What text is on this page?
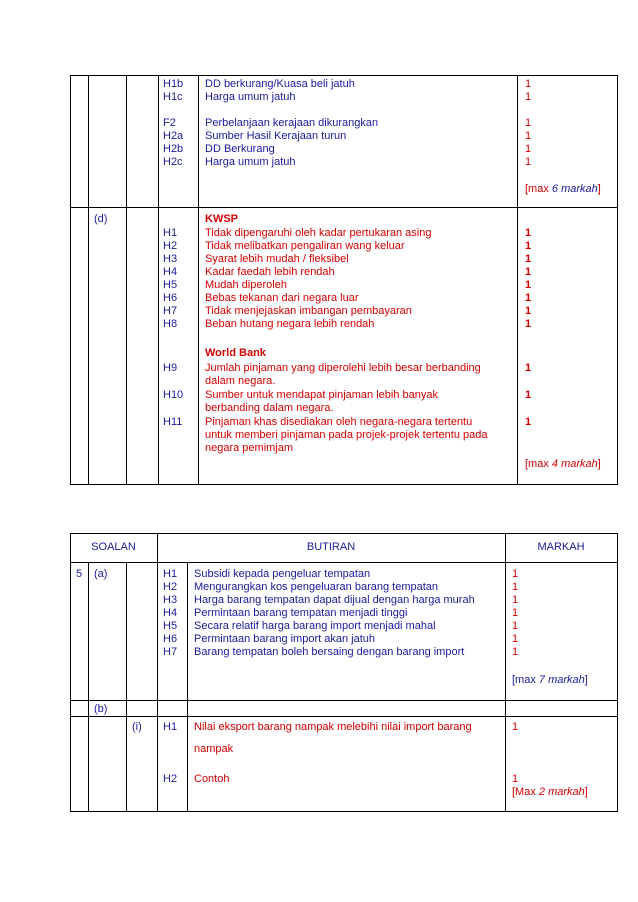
H1b DD berkurang/Kuasa beli jatuh	1
H1c Harga umum jatuh	1
F2	Perbelanjaan kerajaan dikurangkan	1
H2a Sumber Hasil Kerajaan turun	1
H2b DD Berkurang	1
H2c Harga umum jatuh	1
[max 6 markah]
(d)	KWSP
H1	Tidak dipengaruhi oleh kadar pertukaran asing	1
H2	Tidak melibatkan pengaliran wang keluar	1
H3	Syarat lebih mudah / fleksibel	1
H4	Kadar faedah lebih rendah	1
H5	Mudah diperoleh	1
H6	Bebas tekanan dari negara luar	1
H7	Tidak menjejaskan imbangan pembayaran	1
H8	Beban hutang negara lebih rendah	1
World Bank
H9	Jumlah pinjaman yang diperolehi lebih besar berbanding
dalam negara.
1
H10 Sumber untuk mendapat pinjaman lebih banyak
berbanding dalam negara.
1
H11 Pinjaman khas disediakan oleh negara-negara tertentu
untuk memberi pinjaman pada projek-projek tertentu pada
negara pemimjam
1
[max 4 markah]
SOALAN	BUTIRAN	MARKAH
5 (a)	H1 Subsidi kepada pengeluar tempatan	1
H2 Mengurangkan kos pengeluaran barang tempatan	1
H3 Harga barang tempatan dapat dijual dengan harga murah	1
H4 Permintaan barang tempatan menjadi tinggi	1
H5 Secara relatif harga barang import menjadi mahal	1
H6 Permintaan barang import akan jatuh	1
H7 Barang tempatan boleh bersaing dengan barang import	1
[max 7 markah]
(b)
(i) H1 Nilai eksport barang nampak melebihi nilai import barang
nampak
1
H2 Contoh	1
[Max 2 markah]
